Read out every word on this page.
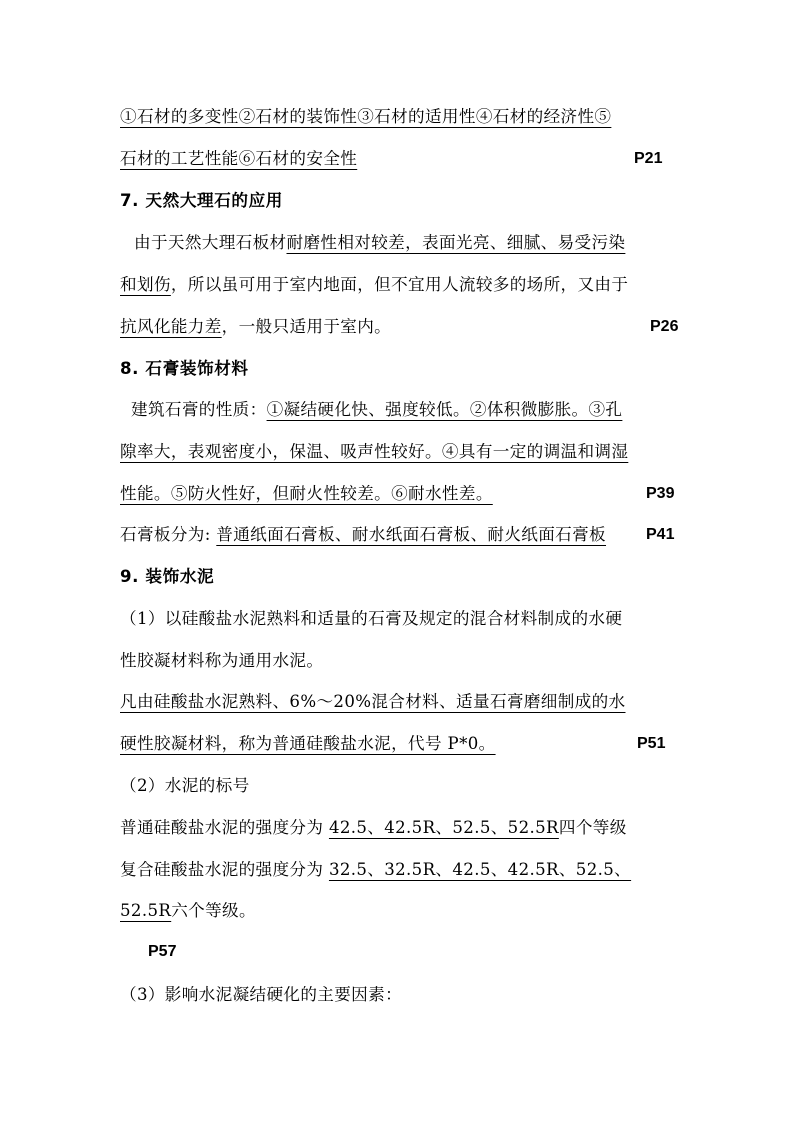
①石材的多变性②石材的装饰性③石材的适用性④石材的经济性⑤
石材的工艺性能⑥石材的安全性	P21
7. 天然大理石的应用
由于天然大理石板材耐磨性相对较差，表面光亮、细腻、易受污染
和划伤，所以虽可用于室内地面，但不宜用人流较多的场所，又由于
抗风化能力差，一般只适用于室内。	P26
8. 石膏装饰材料
建筑石膏的性质：①凝结硬化快、强度较低。②体积微膨胀。③孔
隙率大，表观密度小，保温、吸声性较好。④具有一定的调温和调湿
性能。⑤防火性好，但耐火性较差。⑥耐水性差。	P39
石膏板分为: 普通纸面石膏板、耐水纸面石膏板、耐火纸面石膏板 P41
9. 装饰水泥
（1）以硅酸盐水泥熟料和适量的石膏及规定的混合材料制成的水硬
性胶凝材料称为通用水泥。
凡由硅酸盐水泥熟料、6%～20%混合材料、适量石膏磨细制成的水
硬性胶凝材料，称为普通硅酸盐水泥，代号 P*0。	P51
（2）水泥的标号
普通硅酸盐水泥的强度分为 42.5、42.5R、52.5、52.5R四个等级
复合硅酸盐水泥的强度分为 32.5、32.5R、42.5、42.5R、52.5、
52.5R六个等级。
P57
（3）影响水泥凝结硬化的主要因素：
